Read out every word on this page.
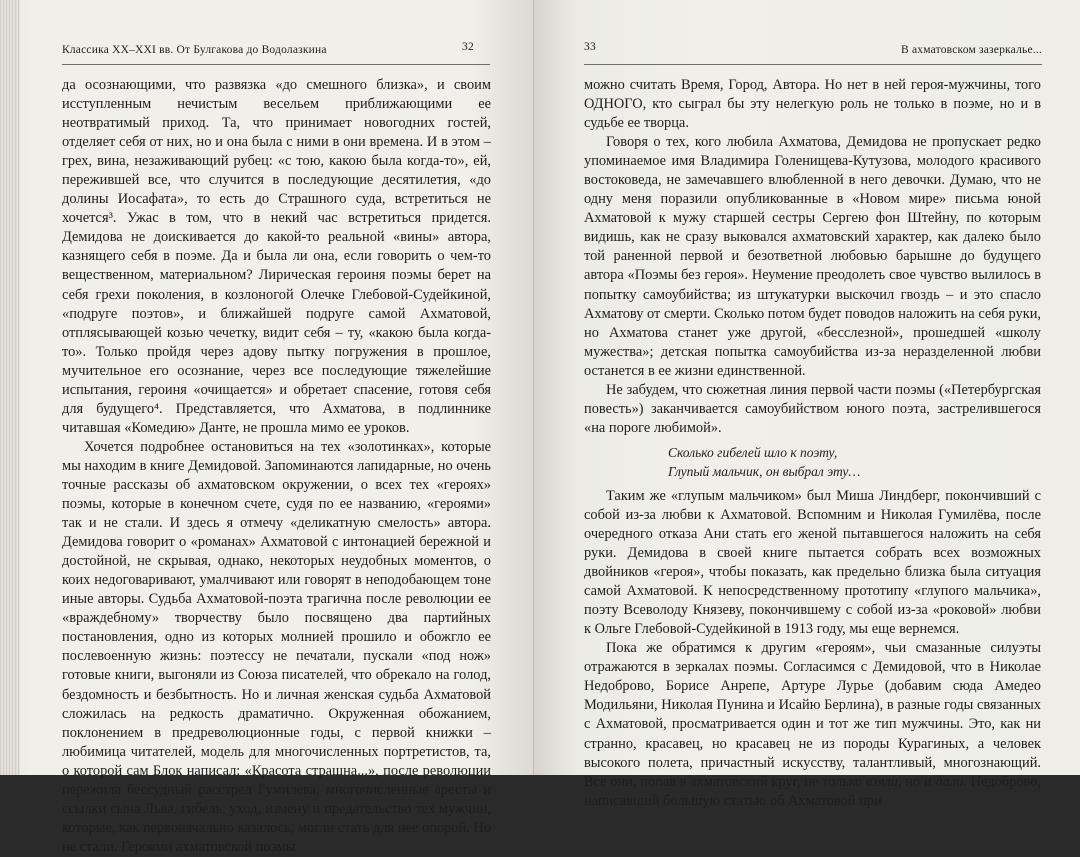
Классика XX–XXI вв. От Булгакова до Водолазкина	32

да осознающими, что развязка «до смешного близка», и своим исступленным нечистым весельем приближающими ее неотвратимый приход. Та, что принимает новогодних гостей, отделяет себя от них, но и она была с ними в они времена. И в этом – грех, вина, незаживающий рубец: «с тою, какою была когда-то», ей, пережившей все, что случится в последующие десятилетия, «до долины Иосафата», то есть до Страшного суда, встретиться не хочется³. Ужас в том, что в некий час встретиться придется. Демидова не доискивается до какой-то реальной «вины» автора, казнящего себя в поэме. Да и была ли она, если говорить о чем-то вещественном, материальном? Лирическая героиня поэмы берет на себя грехи поколения, в козлоногой Олечке Глебовой-Судейкиной, «подруге поэтов», и ближайшей подруге самой Ахматовой, отплясывающей козью чечетку, видит себя – ту, «какою была когда-то». Только пройдя через адову пытку погружения в прошлое, мучительное его осознание, через все последующие тяжелейшие испытания, героиня «очищается» и обретает спасение, готовя себя для будущего⁴. Представляется, что Ахматова, в подлиннике читавшая «Комедию» Данте, не прошла мимо ее уроков.

Хочется подробнее остановиться на тех «золотинках», которые мы находим в книге Демидовой. Запоминаются лапидарные, но очень точные рассказы об ахматовском окружении, о всех тех «героях» поэмы, которые в конечном счете, судя по ее названию, «героями» так и не стали. И здесь я отмечу «деликатную смелость» автора. Демидова говорит о «романах» Ахматовой с интонацией бережной и достойной, не скрывая, однако, некоторых неудобных моментов, о коих недоговаривают, умалчивают или говорят в неподобающем тоне иные авторы. Судьба Ахматовой-поэта трагична после революции ее «враждебному» творчеству было посвящено два партийных постановления, одно из которых молнией прошило и обожгло ее послевоенную жизнь: поэтессу не печатали, пускали «под нож» готовые книги, выгоняли из Союза писателей, что обрекало на голод, бездомность и безбытность. Но и личная женская судьба Ахматовой сложилась на редкость драматично. Окруженная обожанием, поклонением в предреволюционные годы, с первой книжки – любимица читателей, модель для многочисленных портретистов, та, о которой сам Блок написал: «Красота страшна...», после революции пережила бессудный расстрел Гумилёва, многочисленные аресты и ссылки сына Льва, гибель, уход, измену и предательство тех мужчин, которые, как первоначально казалось, могли стать для нее опорой. Но не стали. Героями ахматовской поэмы

33	В ахматовском зазеркалье...

можно считать Время, Город, Автора. Но нет в ней героя-мужчины, того ОДНОГО, кто сыграл бы эту нелегкую роль не только в поэме, но и в судьбе ее творца.

Говоря о тех, кого любила Ахматова, Демидова не пропускает редко упоминаемое имя Владимира Голенищева-Кутузова, молодого красивого востоковеда, не замечавшего влюбленной в него девочки. Думаю, что не одну меня поразили опубликованные в «Новом мире» письма юной Ахматовой к мужу старшей сестры Сергею фон Штейну, по которым видишь, как не сразу выковался ахматовский характер, как далеко было той раненной первой и безответной любовью барышне до будущего автора «Поэмы без героя». Неумение преодолеть свое чувство вылилось в попытку самоубийства; из штукатурки выскочил гвоздь – и это спасло Ахматову от смерти. Сколько потом будет поводов наложить на себя руки, но Ахматова станет уже другой, «бесслезной», прошедшей «школу мужества»; детская попытка самоубийства из-за неразделенной любви останется в ее жизни единственной.

Не забудем, что сюжетная линия первой части поэмы («Петербургская повесть») заканчивается самоубийством юного поэта, застрелившегося «на пороге любимой».

Сколько гибелей шло к поэту,
Глупый мальчик, он выбрал эту…

Таким же «глупым мальчиком» был Миша Линдберг, покончивший с собой из-за любви к Ахматовой. Вспомним и Николая Гумилёва, после очередного отказа Ани стать его женой пытавшегося наложить на себя руки. Демидова в своей книге пытается собрать всех возможных двойников «героя», чтобы показать, как предельно близка была ситуация самой Ахматовой. К непосредственному прототипу «глупого мальчика», поэту Всеволоду Князеву, покончившему с собой из-за «роковой» любви к Ольге Глебовой-Судейкиной в 1913 году, мы еще вернемся.

Пока же обратимся к другим «героям», чьи смазанные силуэты отражаются в зеркалах поэмы. Согласимся с Демидовой, что в Николае Недоброво, Борисе Анрепе, Артуре Лурье (добавим сюда Амедео Модильяни, Николая Пунина и Исайю Берлина), в разные годы связанных с Ахматовой, просматривается один и тот же тип мужчины. Это, как ни странно, красавец, но красавец не из породы Курагиных, а человек высокого полета, причастный искусству, талантливый, многознающий. Все они, попав в ахматовский круг, не только взяли, но и дали. Недоброво, написавший большую статью об Ахматовой при
